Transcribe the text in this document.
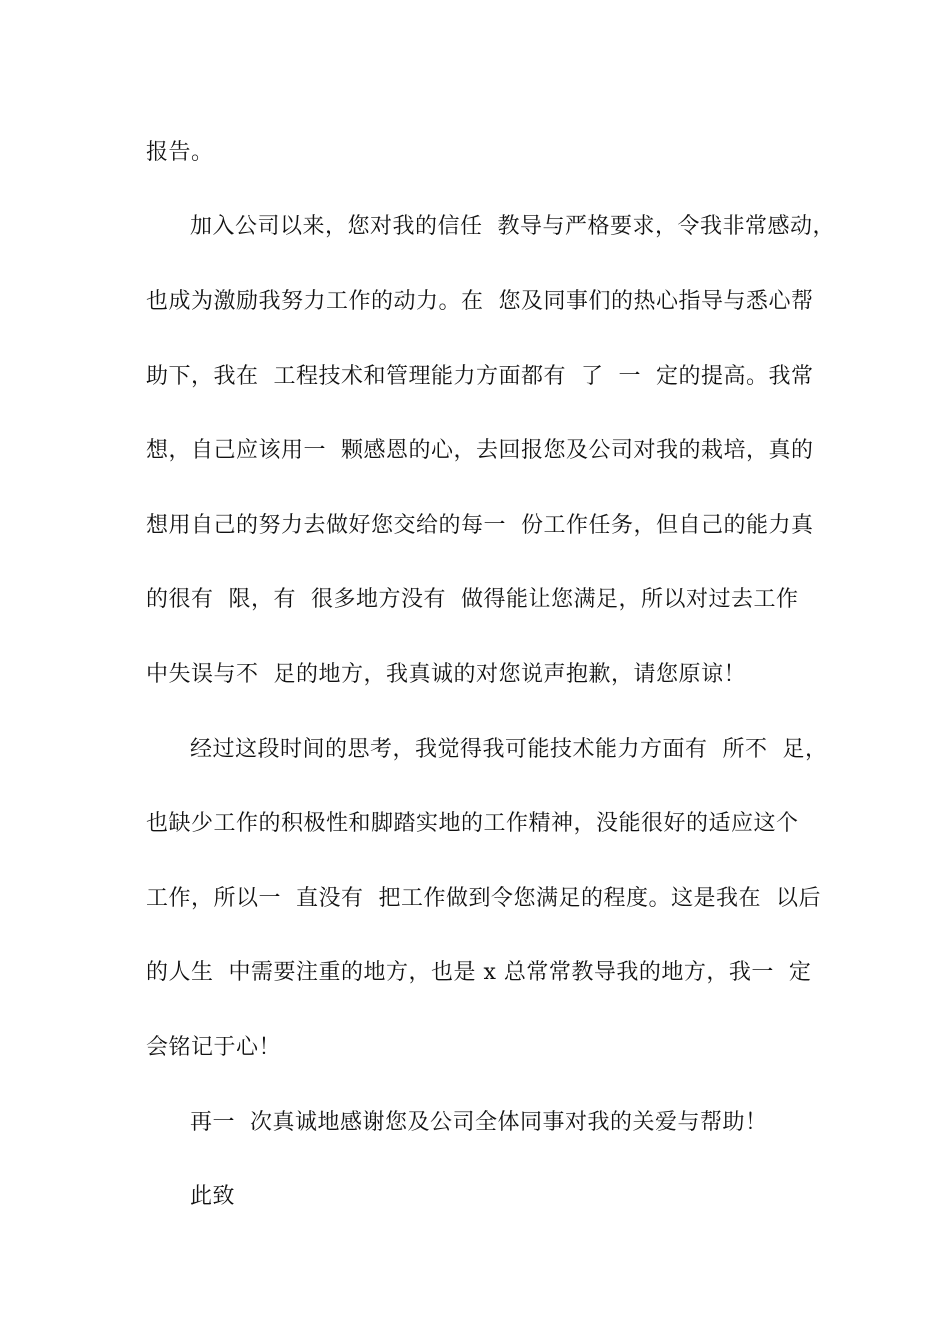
报告。
加入公司以来，您对我的信任  教导与严格要求，令我非常感动，
也成为激励我努力工作的动力。在  您及同事们的热心指导与悉心帮
助下，我在  工程技术和管理能力方面都有  了  一  定的提高。我常
想，自己应该用一  颗感恩的心，去回报您及公司对我的栽培，真的
想用自己的努力去做好您交给的每一  份工作任务，但自己的能力真
的很有  限，有  很多地方没有  做得能让您满足，所以对过去工作
中失误与不  足的地方，我真诚的对您说声抱歉，请您原谅！
经过这段时间的思考，我觉得我可能技术能力方面有  所不  足，
也缺少工作的积极性和脚踏实地的工作精神，没能很好的适应这个
工作，所以一  直没有  把工作做到令您满足的程度。这是我在  以后
的人生  中需要注重的地方，也是 x 总常常教导我的地方，我一  定
会铭记于心！
再一  次真诚地感谢您及公司全体同事对我的关爱与帮助！
此致
